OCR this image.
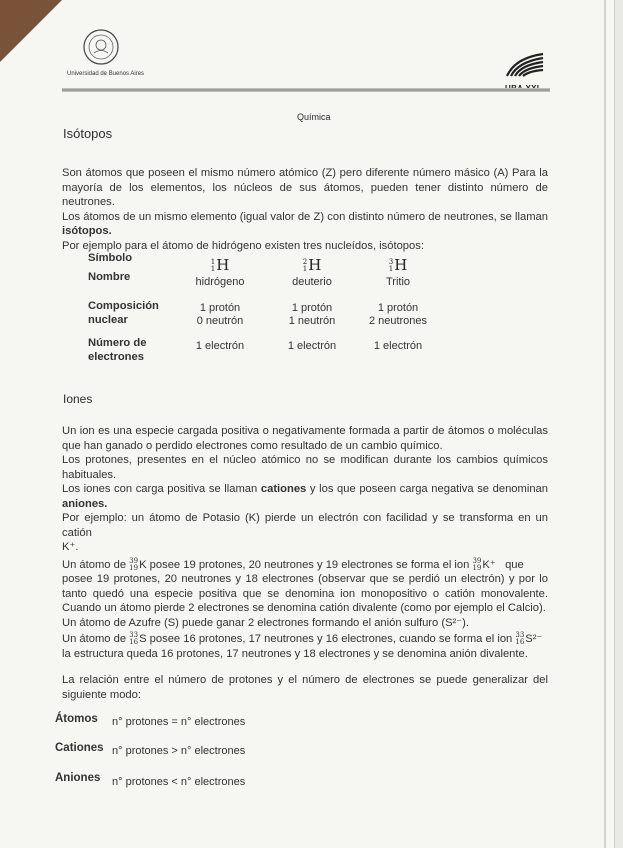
Universidad de Buenos Aires
Química
Isótopos

Son átomos que poseen el mismo número atómico (Z) pero diferente número másico (A) Para la

mayoría de los elementos, los núcleos de sus átomos, pueden tener distinto número de neutrones.

Los átomos de un mismo elemento (igual valor de Z) con distinto número de neutrones, se llaman

isótopos.

Por ejemplo para el átomo de hidrógeno existen tres nucleídos, isótopos:

Símbolo
Nombre
Composición
nuclear
Número de
electrones
1
1 H
hidrógeno
1 protón
0 neutrón
1 electrón
2
1 H
deuterio
1 protón
1 neutrón
1 electrón
3
1 H
Tritio
1 protón
2 neutrones
1 electrón
Iones

Un ion es una especie cargada positiva o negativamente formada a partir de átomos o moléculas

que han ganado o perdido electrones como resultado de un cambio químico.

Los protones, presentes en el núcleo atómico no se modifican durante los cambios químicos

habituales.

Los iones con carga positiva se llaman cationes y los que poseen carga negativa se denominan

aniones.

Por ejemplo: un átomo de Potasio (K) pierde un electrón con facilidad y se transforma en un catión

K⁺.

Un átomo de 39
19 K posee 19 protones, 20 neutrones y 19 electrones se forma el ion 39
19 K⁺ que

posee 19 protones, 20 neutrones y 18 electrones (observar que se perdió un electrón) y por lo

tanto quedó una especie positiva que se denomina ion monopositivo o catión monovalente.

Cuando un átomo pierde 2 electrones se denomina catión divalente (como por ejemplo el Calcio).

Un átomo de Azufre (S) puede ganar 2 electrones formando el anión sulfuro (S²⁻).

Un átomo de 33
16 S posee 16 protones, 17 neutrones y 16 electrones, cuando se forma el ion 33
16 S²⁻

la estructura queda 16 protones, 17 neutrones y 18 electrones y se denomina anión divalente.

La relación entre el número de protones y el número de electrones se puede generalizar del

siguiente modo:

Átomos n° protones = n° electrones
Cationes n° protones > n° electrones
Aniones n° protones < n° electrones
